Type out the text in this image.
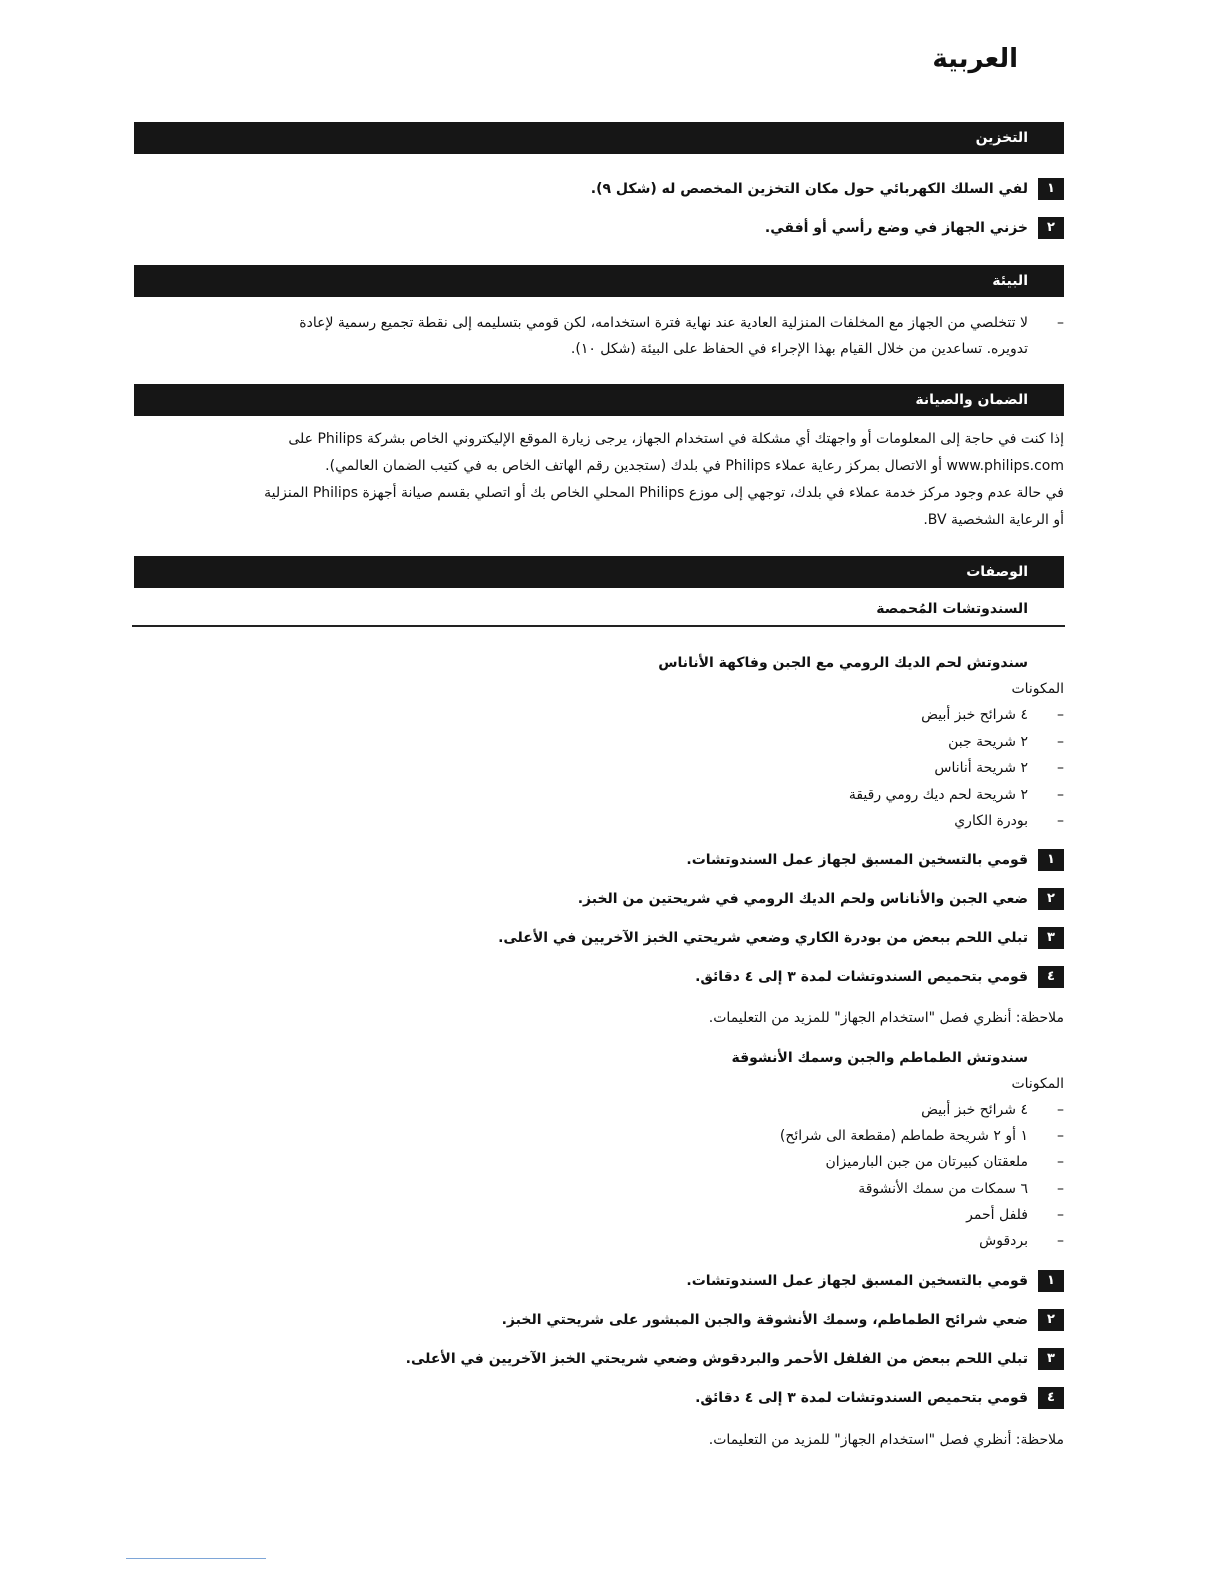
العربية
التخزين
١
لفي السلك الكهربائي حول مكان التخزين المخصص له (شكل ٩).
٢
خزني الجهاز في وضع رأسي أو أفقي.
البيئة
–
لا تتخلصي من الجهاز مع المخلفات المنزلية العادية عند نهاية فترة استخدامه، لكن قومي بتسليمه إلى نقطة تجميع رسمية لإعادة
تدويره. تساعدين من خلال القيام بهذا الإجراء في الحفاظ على البيئة (شكل ١٠).
الضمان والصيانة
إذا كنت في حاجة إلى المعلومات أو واجهتك أي مشكلة في استخدام الجهاز، يرجى زيارة الموقع الإليكتروني الخاص بشركة Philips على
www.philips.com أو الاتصال بمركز رعاية عملاء Philips في بلدك (ستجدين رقم الهاتف الخاص به في كتيب الضمان العالمي).
في حالة عدم وجود مركز خدمة عملاء في بلدك، توجهي إلى موزع Philips المحلي الخاص بك أو اتصلي بقسم صيانة أجهزة Philips المنزلية
أو الرعاية الشخصية BV.
الوصفات
السندوتشات المُحمصة
سندوتش لحم الديك الرومي مع الجبن وفاكهة الأناناس
المكونات
–
٤ شرائح خبز أبيض
–
٢ شريحة جبن
–
٢ شريحة أناناس
–
٢ شريحة لحم ديك رومي رقيقة
–
بودرة الكاري
١
قومي بالتسخين المسبق لجهاز عمل السندوتشات.
٢
ضعي الجبن والأناناس ولحم الديك الرومي في شريحتين من الخبز.
٣
تبلي اللحم ببعض من بودرة الكاري وضعي شريحتي الخبز الآخريين في الأعلى.
٤
قومي بتحميص السندوتشات لمدة ٣ إلى ٤ دقائق.
ملاحظة: أنظري فصل "استخدام الجهاز" للمزيد من التعليمات.
سندوتش الطماطم والجبن وسمك الأنشوقة
المكونات
–
٤ شرائح خبز أبيض
–
١ أو ٢ شريحة طماطم (مقطعة الى شرائح)
–
ملعقتان كبيرتان من جبن البارميزان
–
٦ سمكات من سمك الأنشوقة
–
فلفل أحمر
–
بردقوش
١
قومي بالتسخين المسبق لجهاز عمل السندوتشات.
٢
ضعي شرائح الطماطم، وسمك الأنشوقة والجبن المبشور على شريحتي الخبز.
٣
تبلي اللحم ببعض من الفلفل الأحمر والبردقوش وضعي شريحتي الخبز الآخريين في الأعلى.
٤
قومي بتحميص السندوتشات لمدة ٣ إلى ٤ دقائق.
ملاحظة: أنظري فصل "استخدام الجهاز" للمزيد من التعليمات.
